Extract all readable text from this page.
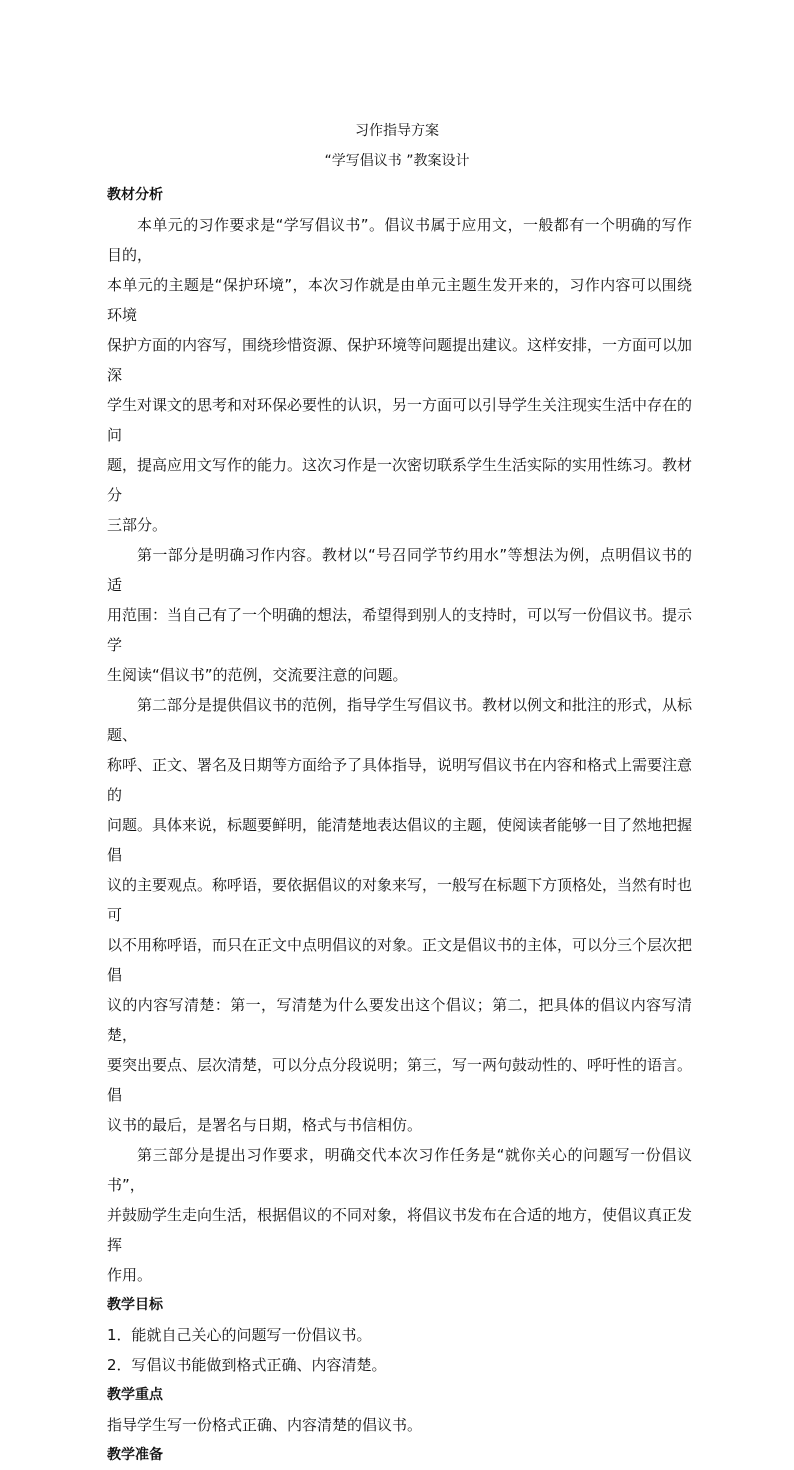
习作指导方案
“学写倡议书 ”教案设计
教材分析

本单元的习作要求是“学写倡议书”。倡议书属于应用文，一般都有一个明确的写作目的，
本单元的主题是“保护环境”，本次习作就是由单元主题生发开来的，习作内容可以围绕环境

保护方面的内容写，围绕珍惜资源、保护环境等问题提出建议。这样安排，一方面可以加深
学生对课文的思考和对环保必要性的认识，另一方面可以引导学生关注现实生活中存在的问
题，提高应用文写作的能力。这次习作是一次密切联系学生生活实际的实用性练习。教材分
三部分。

第一部分是明确习作内容。教材以“号召同学节约用水”等想法为例，点明倡议书的适

用范围：当自己有了一个明确的想法，希望得到别人的支持时，可以写一份倡议书。提示学
生阅读“倡议书”的范例，交流要注意的问题。

第二部分是提供倡议书的范例，指导学生写倡议书。教材以例文和批注的形式，从标题、

称呼、正文、署名及日期等方面给予了具体指导，说明写倡议书在内容和格式上需要注意的
问题。具体来说，标题要鲜明，能清楚地表达倡议的主题，使阅读者能够一目了然地把握倡
议的主要观点。称呼语，要依据倡议的对象来写，一般写在标题下方顶格处，当然有时也可
以不用称呼语，而只在正文中点明倡议的对象。正文是倡议书的主体，可以分三个层次把倡
议的内容写清楚：第一，写清楚为什么要发出这个倡议；第二，把具体的倡议内容写清楚，
要突出要点、层次清楚，可以分点分段说明；第三，写一两句鼓动性的、呼吁性的语言。倡
议书的最后，是署名与日期，格式与书信相仿。

第三部分是提出习作要求，明确交代本次习作任务是“就你关心的问题写一份倡议书”，

并鼓励学生走向生活，根据倡议的不同对象，将倡议书发布在合适的地方，使倡议真正发挥
作用。

教学目标

1．能就自己关心的问题写一份倡议书。
2．写倡议书能做到格式正确、内容清楚。

教学重点

指导学生写一份格式正确、内容清楚的倡议书。

教学准备
